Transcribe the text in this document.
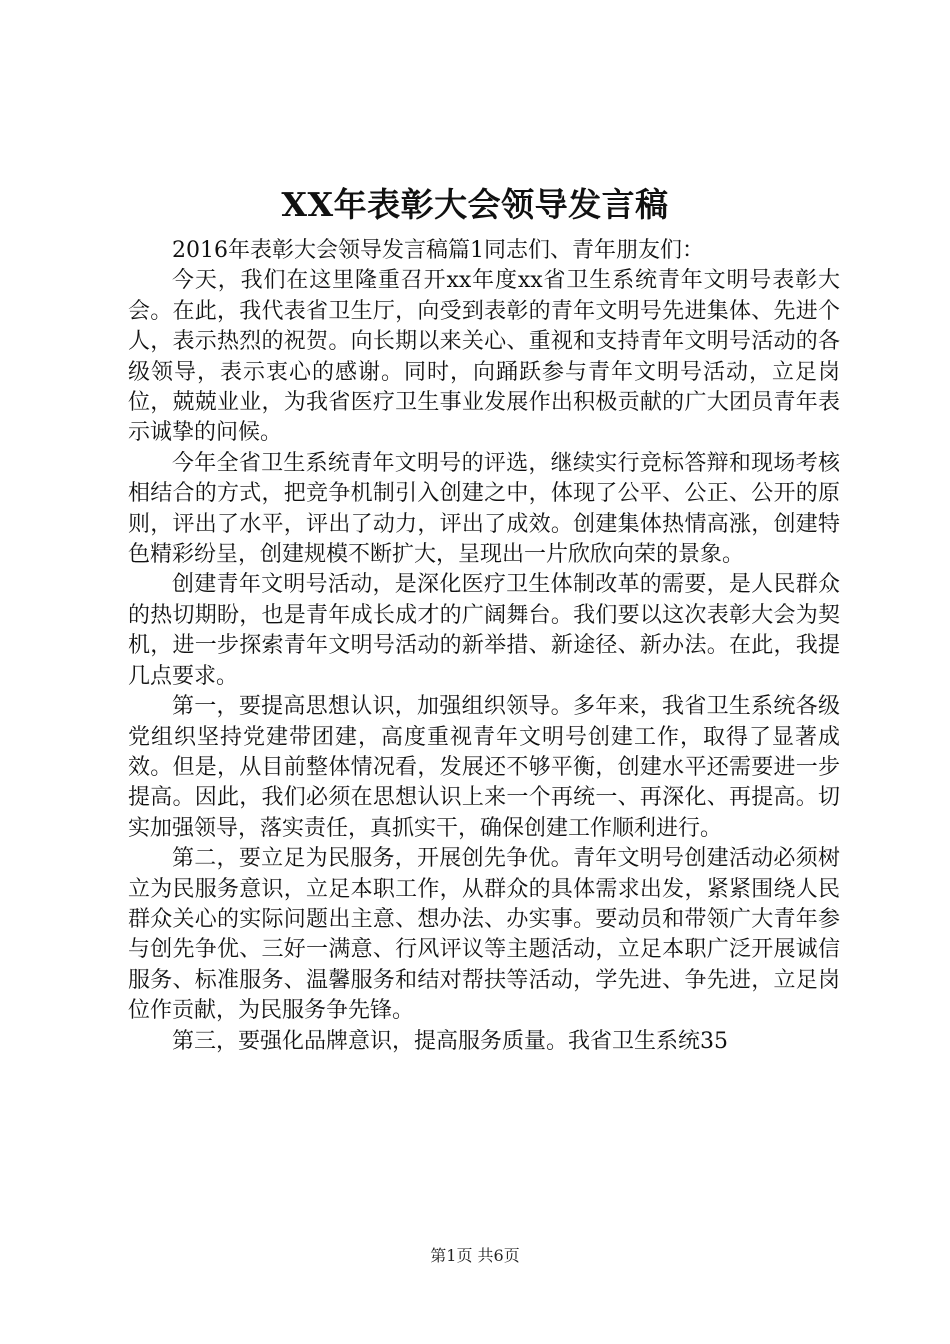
XX年表彰大会领导发言稿

2016年表彰大会领导发言稿篇1同志们、青年朋友们：

今天，我们在这里隆重召开xx年度xx省卫生系统青年文明号表彰大会。在此，我代表省卫生厅，向受到表彰的青年文明号先进集体、先进个人，表示热烈的祝贺。向长期以来关心、重视和支持青年文明号活动的各级领导，表示衷心的感谢。同时，向踊跃参与青年文明号活动，立足岗位，兢兢业业，为我省医疗卫生事业发展作出积极贡献的广大团员青年表示诚挚的问候。

今年全省卫生系统青年文明号的评选，继续实行竞标答辩和现场考核相结合的方式，把竞争机制引入创建之中，体现了公平、公正、公开的原则，评出了水平，评出了动力，评出了成效。创建集体热情高涨，创建特色精彩纷呈，创建规模不断扩大，呈现出一片欣欣向荣的景象。

创建青年文明号活动，是深化医疗卫生体制改革的需要，是人民群众的热切期盼，也是青年成长成才的广阔舞台。我们要以这次表彰大会为契机，进一步探索青年文明号活动的新举措、新途径、新办法。在此，我提几点要求。

第一，要提高思想认识，加强组织领导。多年来，我省卫生系统各级党组织坚持党建带团建，高度重视青年文明号创建工作，取得了显著成效。但是，从目前整体情况看，发展还不够平衡，创建水平还需要进一步提高。因此，我们必须在思想认识上来一个再统一、再深化、再提高。切实加强领导，落实责任，真抓实干，确保创建工作顺利进行。

第二，要立足为民服务，开展创先争优。青年文明号创建活动必须树立为民服务意识，立足本职工作，从群众的具体需求出发，紧紧围绕人民群众关心的实际问题出主意、想办法、办实事。要动员和带领广大青年参与创先争优、三好一满意、行风评议等主题活动，立足本职广泛开展诚信服务、标准服务、温馨服务和结对帮扶等活动，学先进、争先进，立足岗位作贡献，为民服务争先锋。

第三，要强化品牌意识，提高服务质量。我省卫生系统35

第1页 共6页
